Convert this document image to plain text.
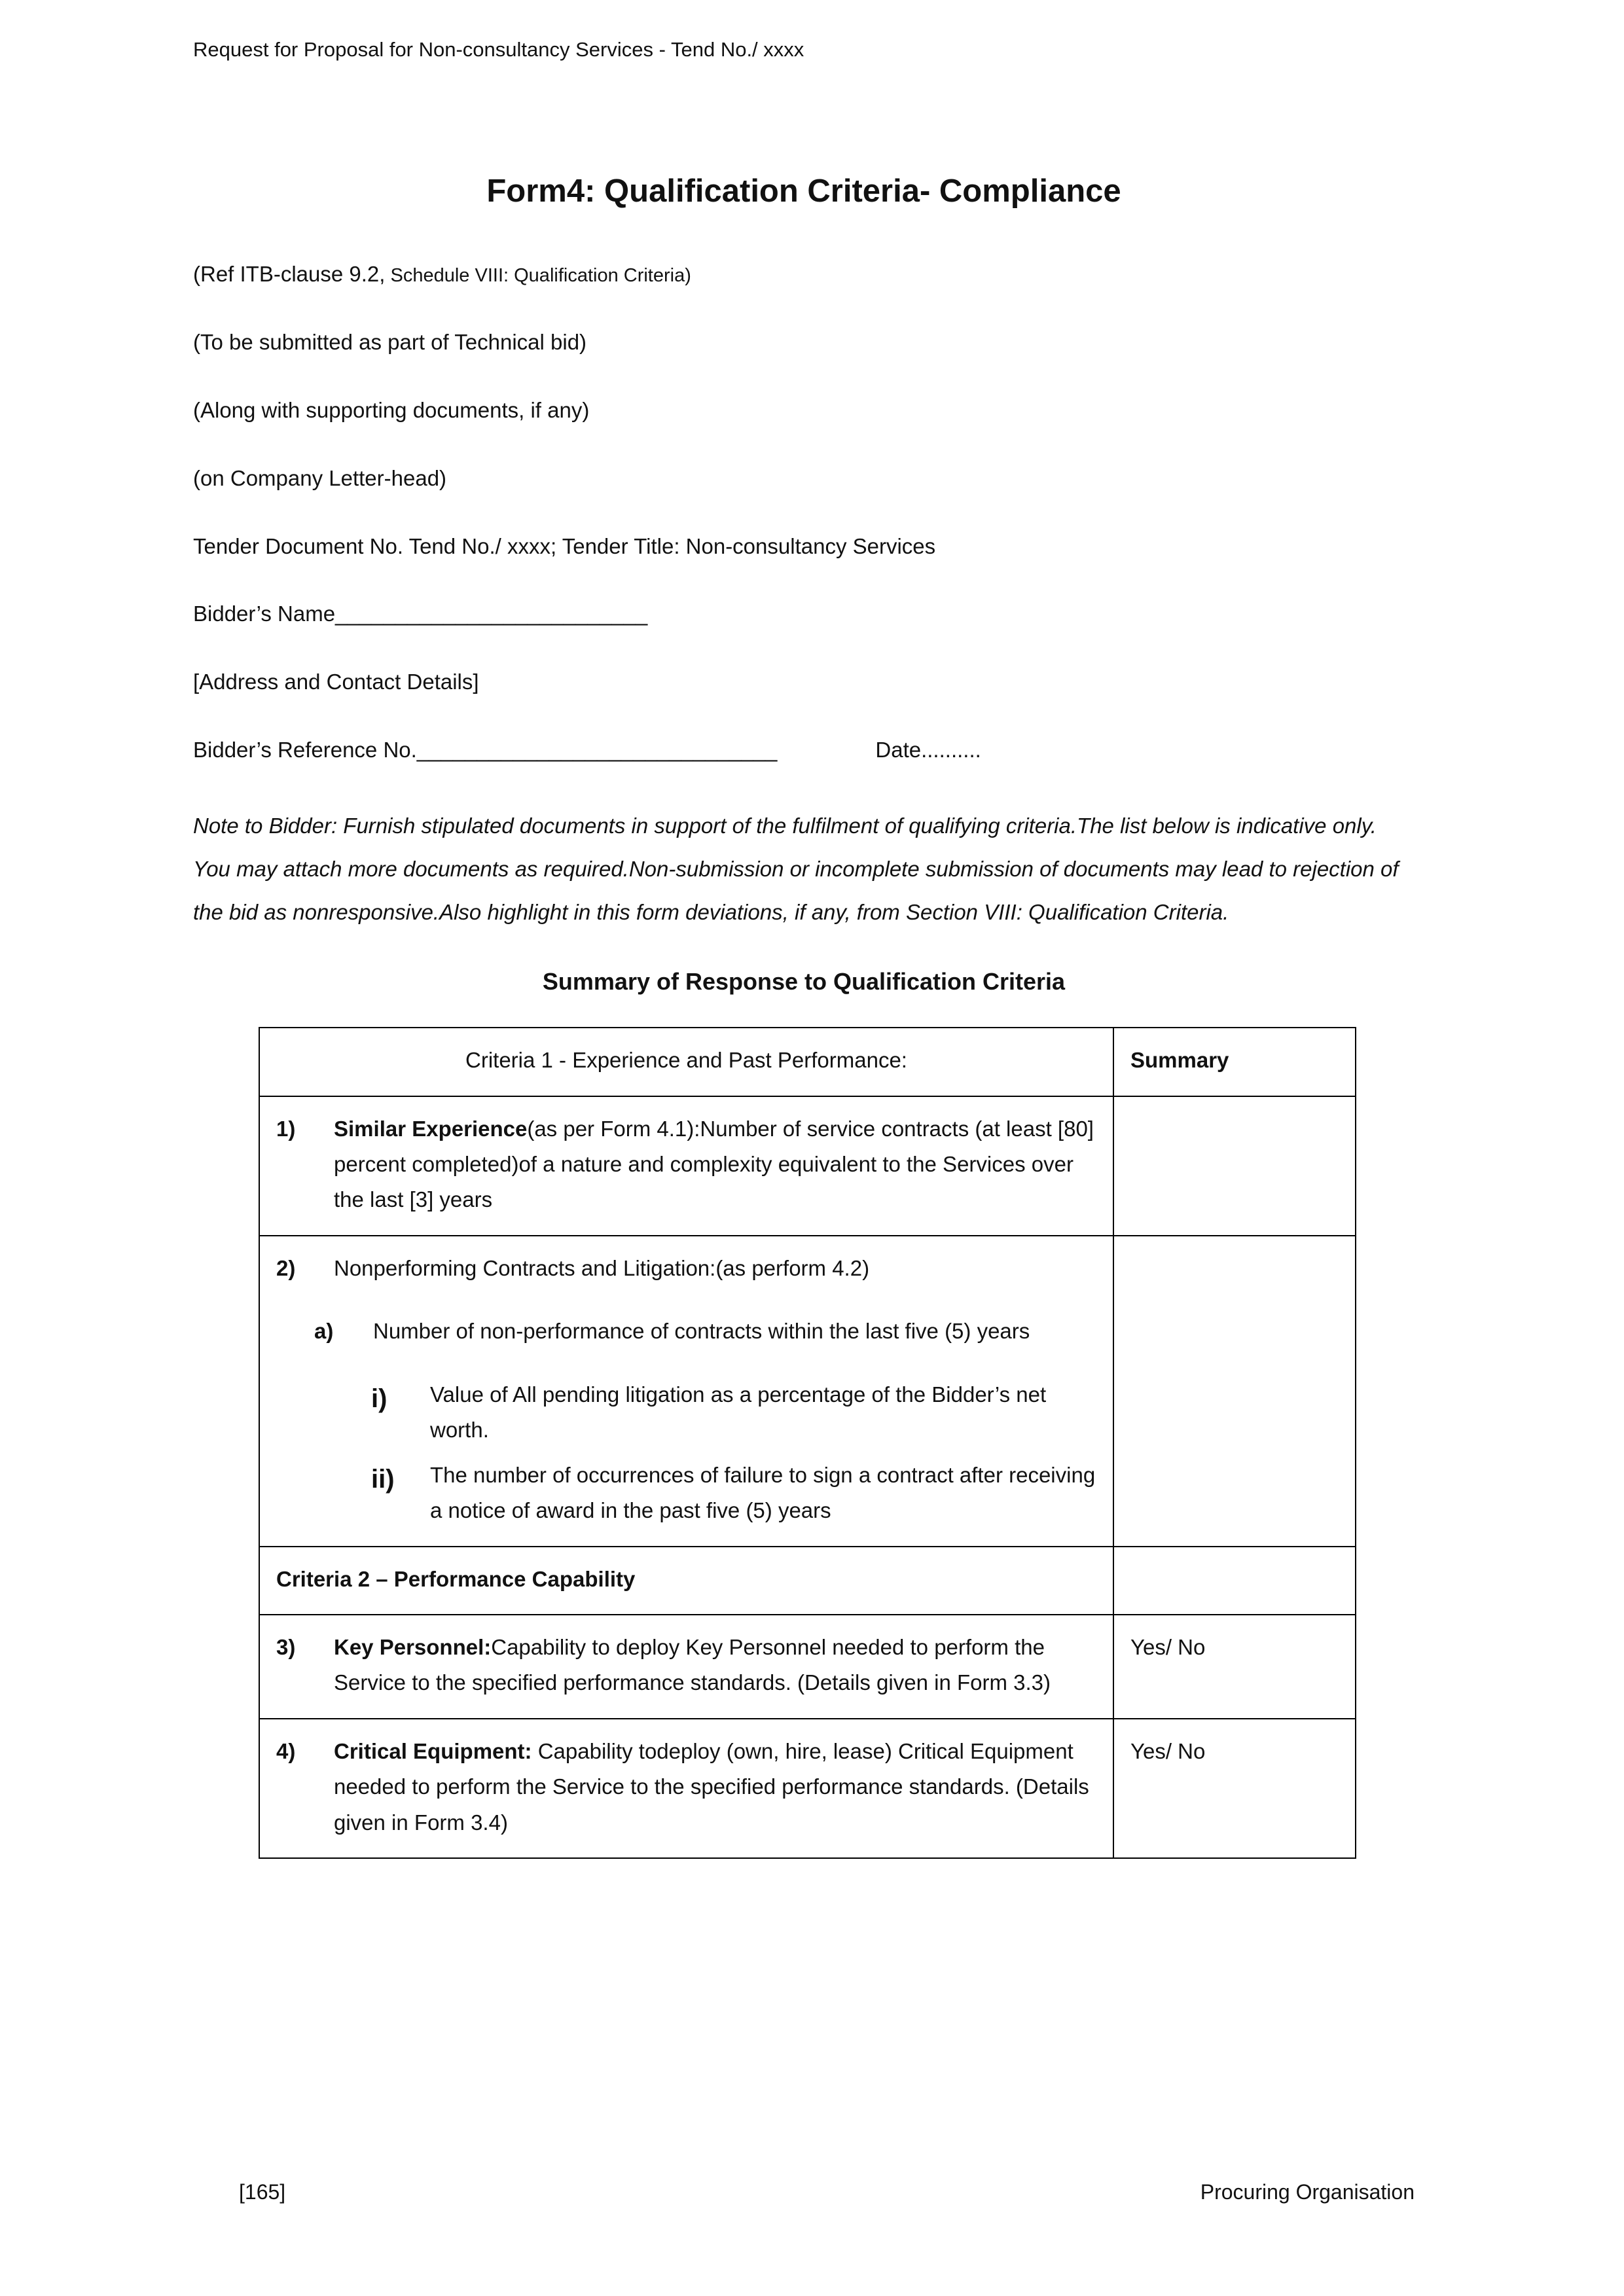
Request for Proposal for Non-consultancy Services - Tend No./ xxxx
Form4: Qualification Criteria- Compliance

(Ref ITB-clause 9.2, Schedule VIII: Qualification Criteria)

(To be submitted as part of Technical bid)

(Along with supporting documents, if any)

(on Company Letter-head)

Tender Document No. Tend No./ xxxx; Tender Title: Non-consultancy Services

Bidder’s Name__________________________

[Address and Contact Details]

Bidder’s Reference No.______________________________	Date..........

Note to Bidder: Furnish stipulated documents in support of the fulfilment of qualifying criteria.The list below is indicative only. You may attach more documents as required.Non-submission or incomplete submission of documents may lead to rejection of the bid as nonresponsive.Also highlight in this form deviations, if any, from Section VIII: Qualification Criteria.

Summary of Response to Qualification Criteria
Criteria 1 - Experience and Past Performance:	Summary

1) Similar Experience(as per Form 4.1):Number of service contracts (at least [80] percent completed)of a nature and complexity equivalent to the Services over the last [3] years	

2)	Nonperforming Contracts and Litigation:(as perform 4.2)
a)	Number of non-performance of contracts within the last five (5) years
i)	Value of All pending litigation as a percentage of the Bidder’s net worth.
ii)	The number of occurrences of failure to sign a contract after receiving a notice of award in the past five (5) years

Criteria 2 – Performance Capability	

3) Key Personnel:Capability to deploy Key Personnel needed to perform the Service to the specified performance standards. (Details given in Form 3.3)	Yes/ No

4) Critical Equipment: Capability todeploy (own, hire, lease) Critical Equipment needed to perform the Service to the specified performance standards. (Details given in Form 3.4)	Yes/ No
[165]	Procuring Organisation
